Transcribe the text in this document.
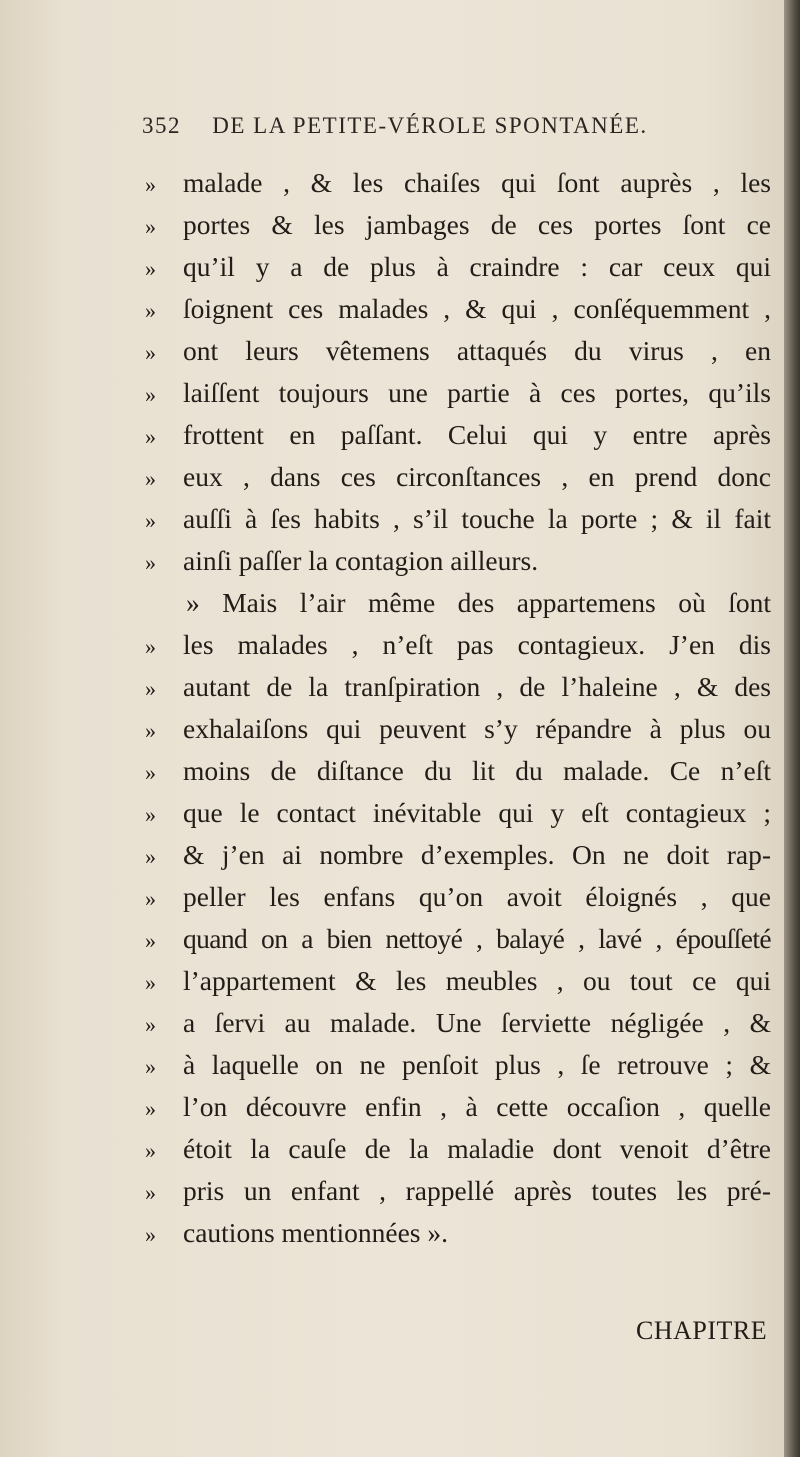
352 DE LA PETITE-VÉROLE SPONTANÉE.
» malade , & les chaiſes qui ſont auprès , les
» portes & les jambages de ces portes ſont ce
» qu’il y a de plus à craindre : car ceux qui
» ſoignent ces malades , & qui , conſéquemment ,
» ont leurs vêtemens attaqués du virus , en
» laiſſent toujours une partie à ces portes, qu’ils
» frottent en paſſant. Celui qui y entre après
» eux , dans ces circonſtances , en prend donc
» auſſi à ſes habits , s’il touche la porte ; & il fait
» ainſi paſſer la contagion ailleurs.
» Mais l’air même des appartemens où ſont
» les malades , n’eſt pas contagieux. J’en dis
» autant de la tranſpiration , de l’haleine , & des
» exhalaiſons qui peuvent s’y répandre à plus ou
» moins de diſtance du lit du malade. Ce n’eſt
» que le contact inévitable qui y eſt contagieux ;
» & j’en ai nombre d’exemples. On ne doit rap-
» peller les enfans qu’on avoit éloignés , que
» quand on a bien nettoyé , balayé , lavé , épouſſeté
» l’appartement & les meubles , ou tout ce qui
» a ſervi au malade. Une ſerviette négligée , &
» à laquelle on ne penſoit plus , ſe retrouve ; &
» l’on découvre enfin , à cette occaſion , quelle
» étoit la cauſe de la maladie dont venoit d’être
» pris un enfant , rappellé après toutes les pré-
» cautions mentionnées ».
CHAPITRE
